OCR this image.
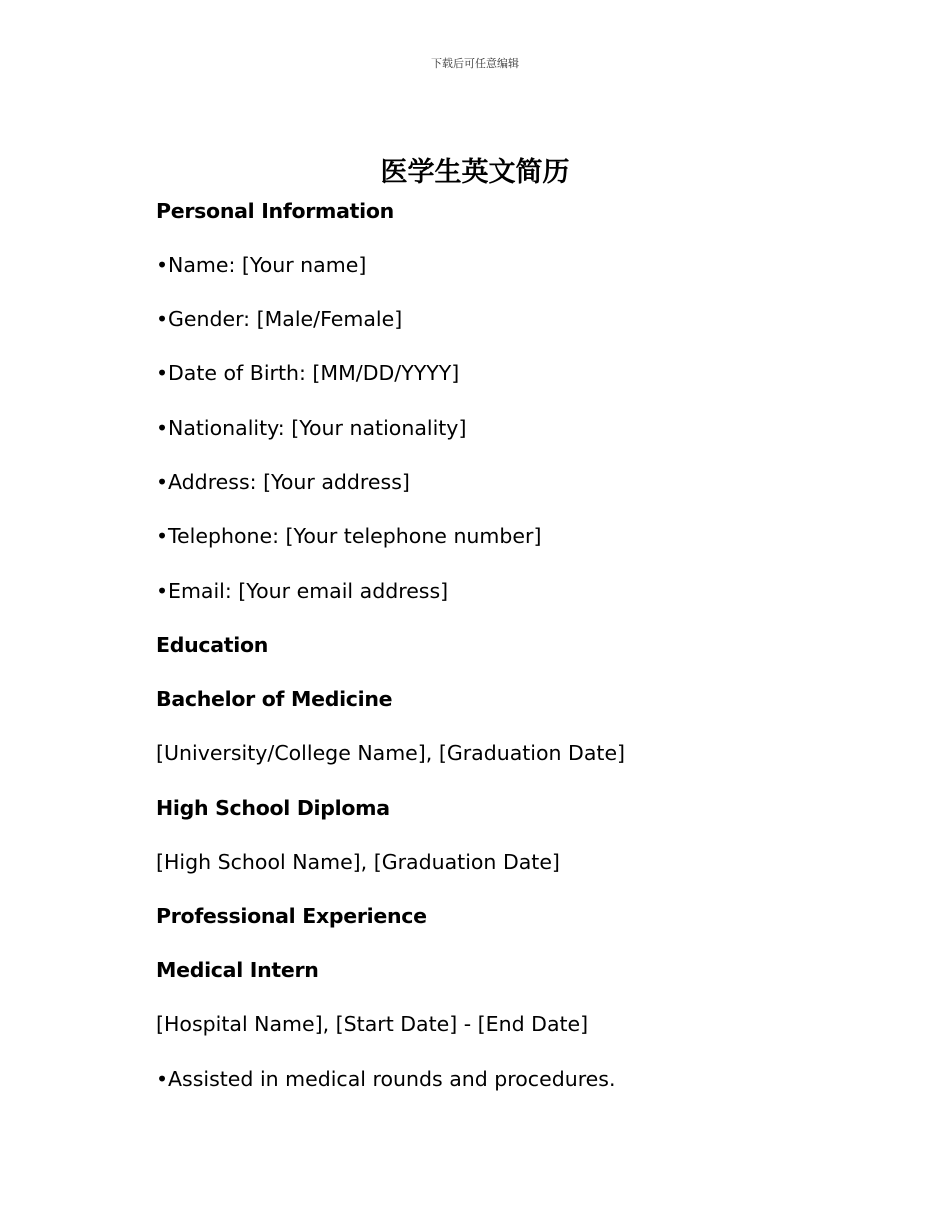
下载后可任意编辑
医学生英文简历
Personal Information
•Name: [Your name]
•Gender: [Male/Female]
•Date of Birth: [MM/DD/YYYY]
•Nationality: [Your nationality]
•Address: [Your address]
•Telephone: [Your telephone number]
•Email: [Your email address]
Education
Bachelor of Medicine
[University/College Name], [Graduation Date]
High School Diploma
[High School Name], [Graduation Date]
Professional Experience
Medical Intern
[Hospital Name], [Start Date] - [End Date]
•Assisted in medical rounds and procedures.
